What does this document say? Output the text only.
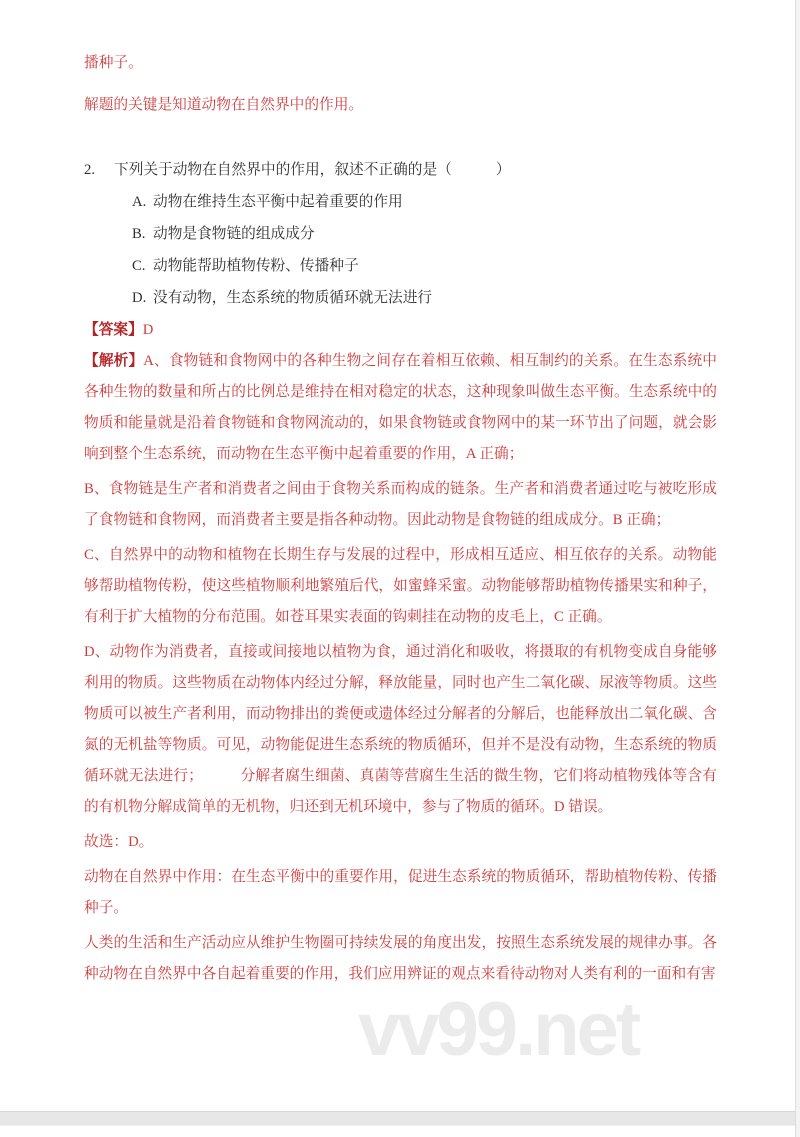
播种子。

解题的关键是知道动物在自然界中的作用。

2.	下列关于动物在自然界中的作用，叙述不正确的是（　　　）
A. 动物在维持生态平衡中起着重要的作用
B. 动物是食物链的组成成分
C. 动物能帮助植物传粉、传播种子
D. 没有动物，生态系统的物质循环就无法进行

【答案】D

【解析】A、食物链和食物网中的各种生物之间存在着相互依赖、相互制约的关系。在生态系统中各种生物的数量和所占的比例总是维持在相对稳定的状态，这种现象叫做生态平衡。生态系统中的物质和能量就是沿着食物链和食物网流动的，如果食物链或食物网中的某一环节出了问题，就会影响到整个生态系统，而动物在生态平衡中起着重要的作用，A 正确；

B、食物链是生产者和消费者之间由于食物关系而构成的链条。生产者和消费者通过吃与被吃形成了食物链和食物网，而消费者主要是指各种动物。因此动物是食物链的组成成分。B 正确；

C、自然界中的动物和植物在长期生存与发展的过程中，形成相互适应、相互依存的关系。动物能够帮助植物传粉，使这些植物顺利地繁殖后代，如蜜蜂采蜜。动物能够帮助植物传播果实和种子，有利于扩大植物的分布范围。如苍耳果实表面的钩刺挂在动物的皮毛上，C 正确。

D、动物作为消费者，直接或间接地以植物为食，通过消化和吸收，将摄取的有机物变成自身能够利用的物质。这些物质在动物体内经过分解，释放能量，同时也产生二氧化碳、尿液等物质。这些物质可以被生产者利用，而动物排出的粪便或遗体经过分解者的分解后，也能释放出二氧化碳、含氮的无机盐等物质。可见，动物能促进生态系统的物质循环，但并不是没有动物，生态系统的物质循环就无法进行；　　　分解者腐生细菌、真菌等营腐生生活的微生物，它们将动植物残体等含有的有机物分解成简单的无机物，归还到无机环境中，参与了物质的循环。D 错误。

故选：D。

动物在自然界中作用：在生态平衡中的重要作用，促进生态系统的物质循环，帮助植物传粉、传播种子。

人类的生活和生产活动应从维护生物圈可持续发展的角度出发，按照生态系统发展的规律办事。各种动物在自然界中各自起着重要的作用，我们应用辨证的观点来看待动物对人类有利的一面和有害

vv99.net
